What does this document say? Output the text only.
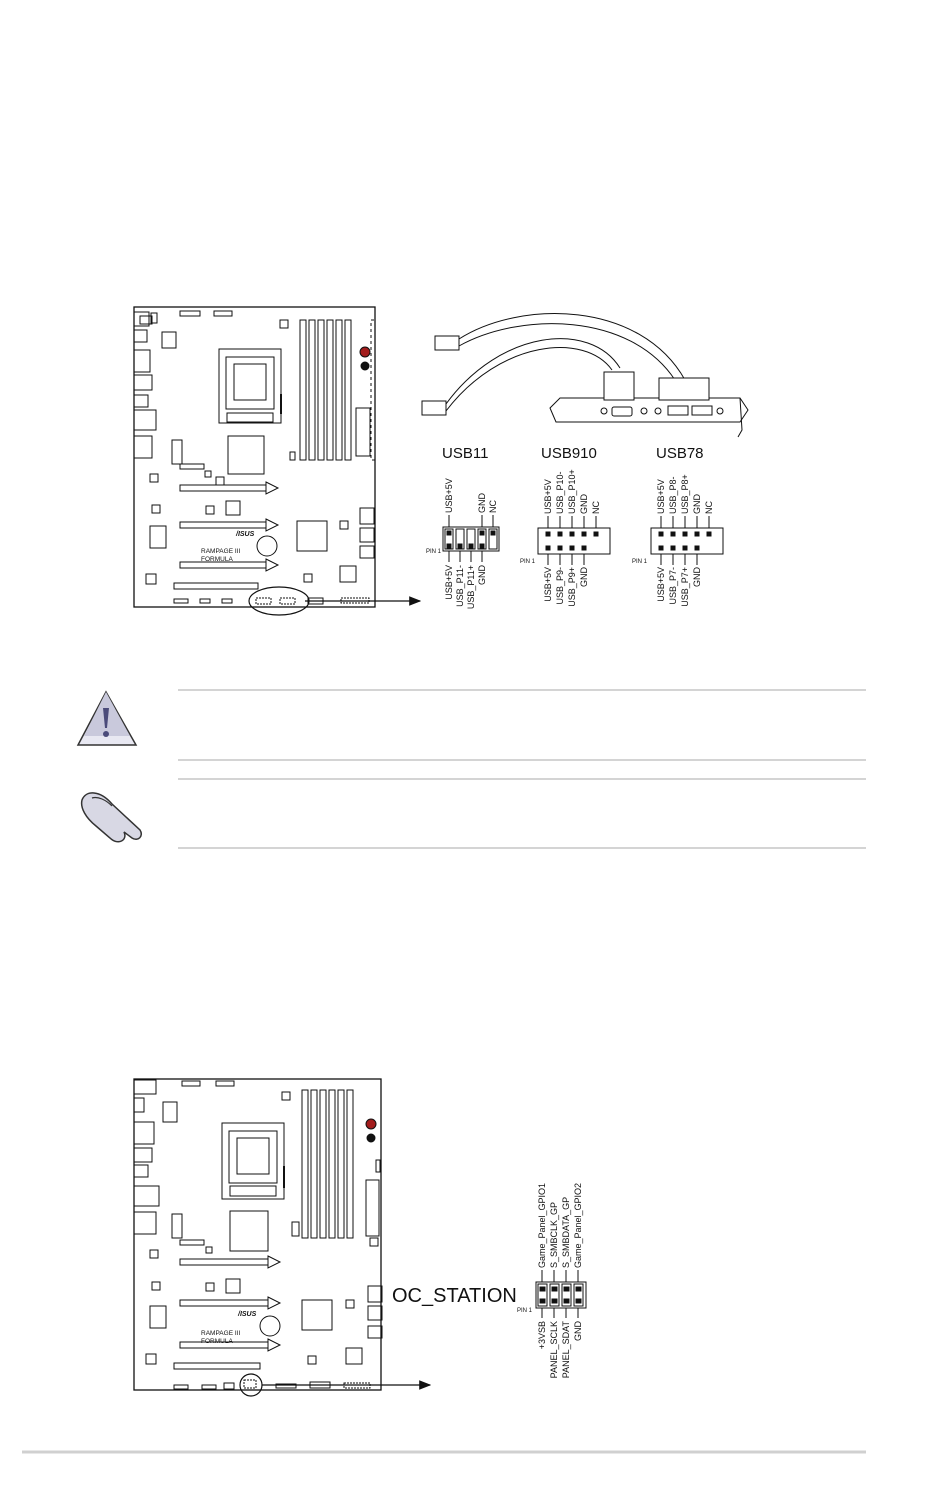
/ISUS
RAMPAGE III
FORMULA
USB11	USB910	USB78
PIN 1
USB+5V	GND NC
USB+5V USB_P11- USB_P11+ GND
PIN 1
USB+5V USB_P10- USB_P10+ GND NC
USB+5V USB_P9- USB_P9+ GND
PIN 1
USB+5V USB_P8- USB_P8+ GND NC
USB+5V USB_P7- USB_P7+ GND
/ISUS
RAMPAGE III
FORMULA
OC_STATION
PIN 1
Game_Panel_GPIO1 S_SMBCLK_GP S_SMBDATA_GP Game_Panel_GPIO2
+3VSB PANEL_SCLK PANEL_SDAT GND
